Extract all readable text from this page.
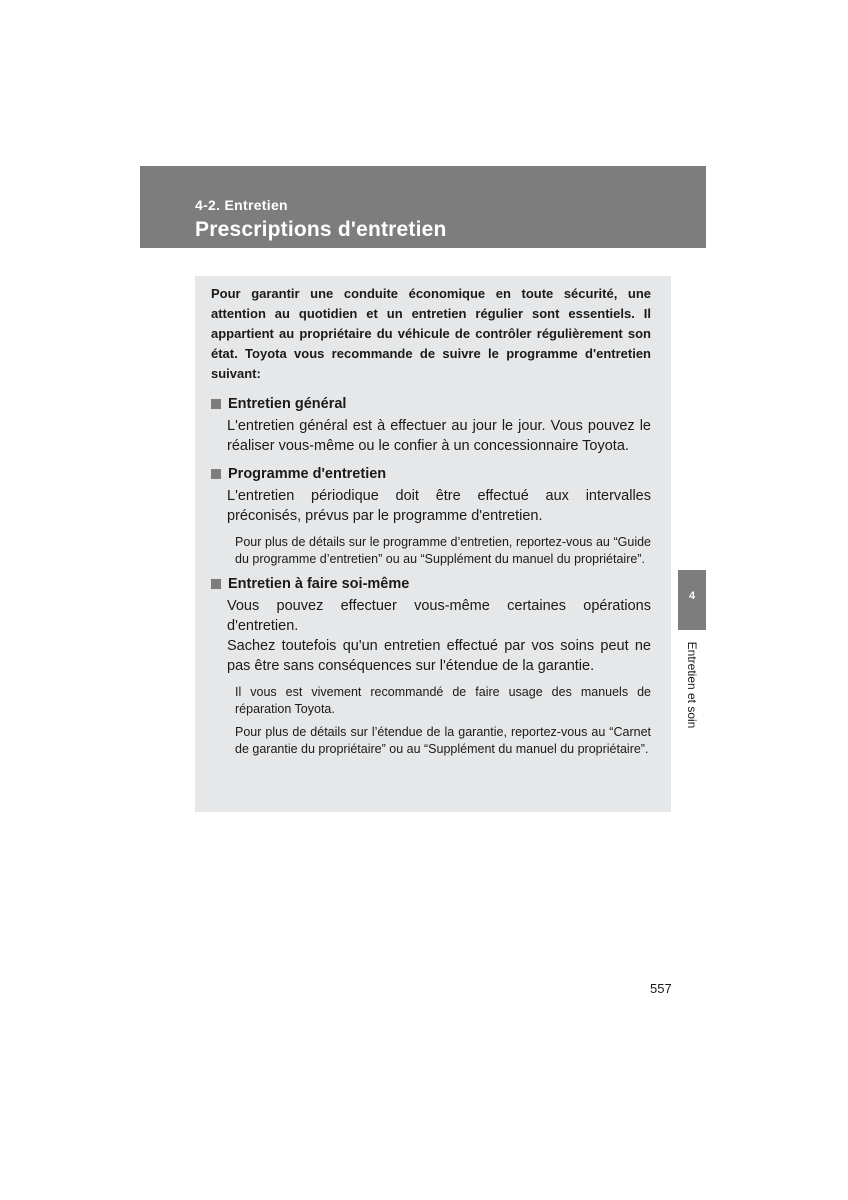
4-2. Entretien
Prescriptions d'entretien

Pour garantir une conduite économique en toute sécurité, une attention au quotidien et un entretien régulier sont essentiels. Il appartient au propriétaire du véhicule de contrôler régulièrement son état. Toyota vous recommande de suivre le programme d'entretien suivant:

Entretien général

L'entretien général est à effectuer au jour le jour. Vous pouvez le réaliser vous-même ou le confier à un concessionnaire Toyota.

Programme d'entretien

L'entretien périodique doit être effectué aux intervalles préconisés, prévus par le programme d'entretien.

Pour plus de détails sur le programme d’entretien, reportez-vous au “Guide du programme d’entretien” ou au “Supplément du manuel du propriétaire”.

Entretien à faire soi-même

Vous pouvez effectuer vous-même certaines opérations d'entretien.

Sachez toutefois qu'un entretien effectué par vos soins peut ne pas être sans conséquences sur l'étendue de la garantie.

Il vous est vivement recommandé de faire usage des manuels de réparation Toyota.

Pour plus de détails sur l’étendue de la garantie, reportez-vous au “Carnet de garantie du propriétaire” ou au “Supplément du manuel du propriétaire”.

4
Entretien et soin
557
